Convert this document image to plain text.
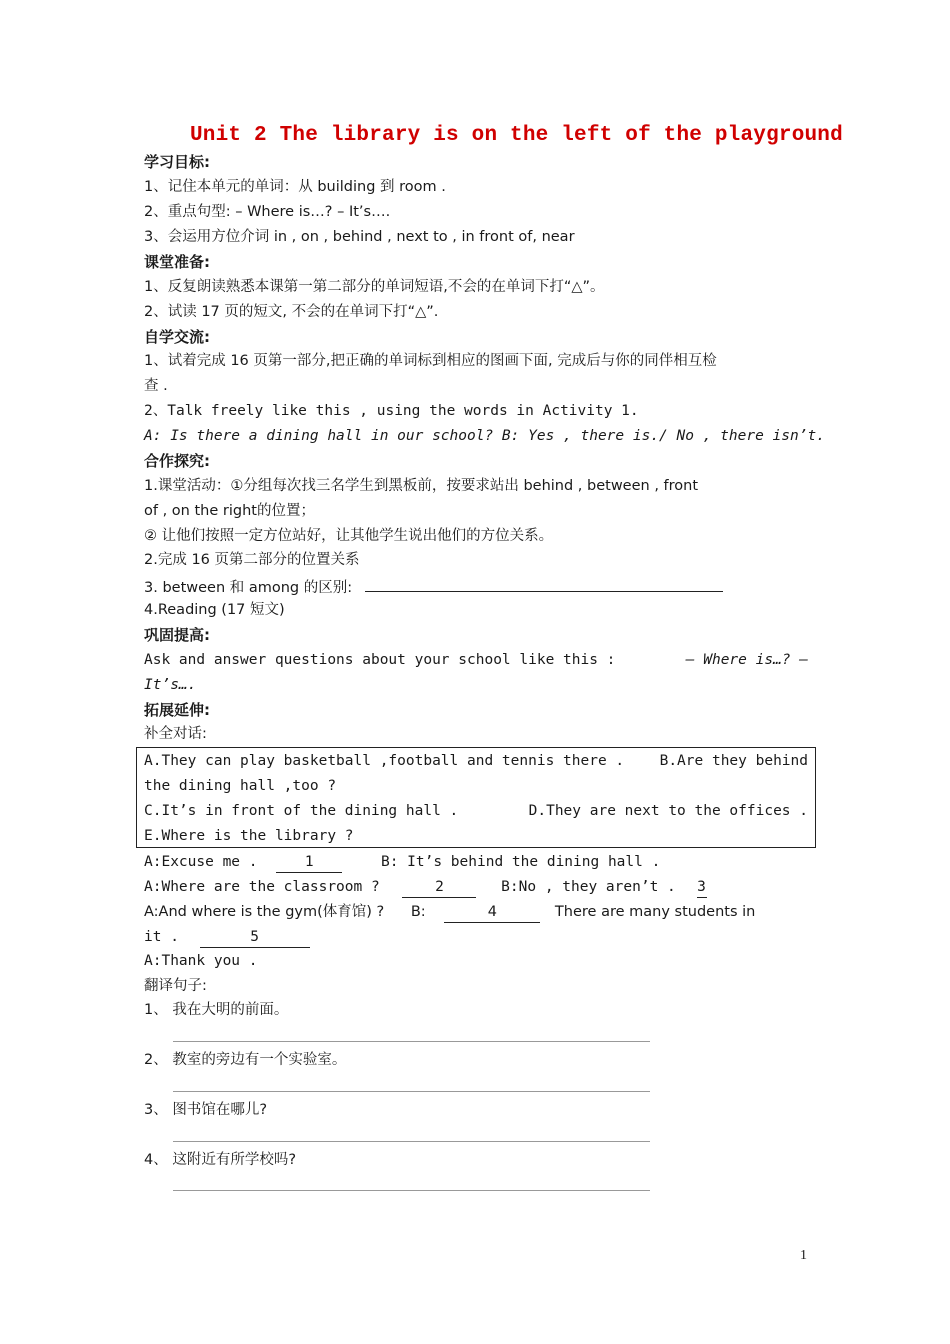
Unit 2 The library is on the left of the playground
学习目标:
1、记住本单元的单词：从 building 到 room .
2、重点句型: – Where is…? – It’s….
3、会运用方位介词 in , on , behind , next to , in front of, near
课堂准备:
1、反复朗读熟悉本课第一第二部分的单词短语,不会的在单词下打“△”。
2、试读 17 页的短文, 不会的在单词下打“△”.
自学交流:
1、试着完成 16 页第一部分,把正确的单词标到相应的图画下面, 完成后与你的同伴相互检
查 .
2、Talk freely like this , using the words in Activity 1.
A: Is there a dining hall in our school? B: Yes , there is./ No , there isn’t.
合作探究:
1.课堂活动：①分组每次找三名学生到黑板前，按要求站出 behind , between , front
of , on the right的位置；
② 让他们按照一定方位站好，让其他学生说出他们的方位关系。
2.完成 16 页第二部分的位置关系
3. between 和 among 的区别:
4.Reading (17 短文)
巩固提高:
Ask and answer questions about your school like this :	– Where is…? –
It’s….
拓展延伸:
补全对话:
A.They can play basketball ,football and tennis there . B.Are they behind
the dining hall ,too ?
C.It’s in front of the dining hall .	D.They are next to the offices .
E.Where is the library ?
A:Excuse me .	1	B: It’s behind the dining hall .
A:Where are the classroom ?	2	B:No , they aren’t . 3
A:And where is the gym(体育馆) ? B:	4	There are many students in
it .	5
A:Thank you .
翻译句子:
1、 我在大明的前面。
2、 教室的旁边有一个实验室。
3、 图书馆在哪儿?
4、 这附近有所学校吗?
1
